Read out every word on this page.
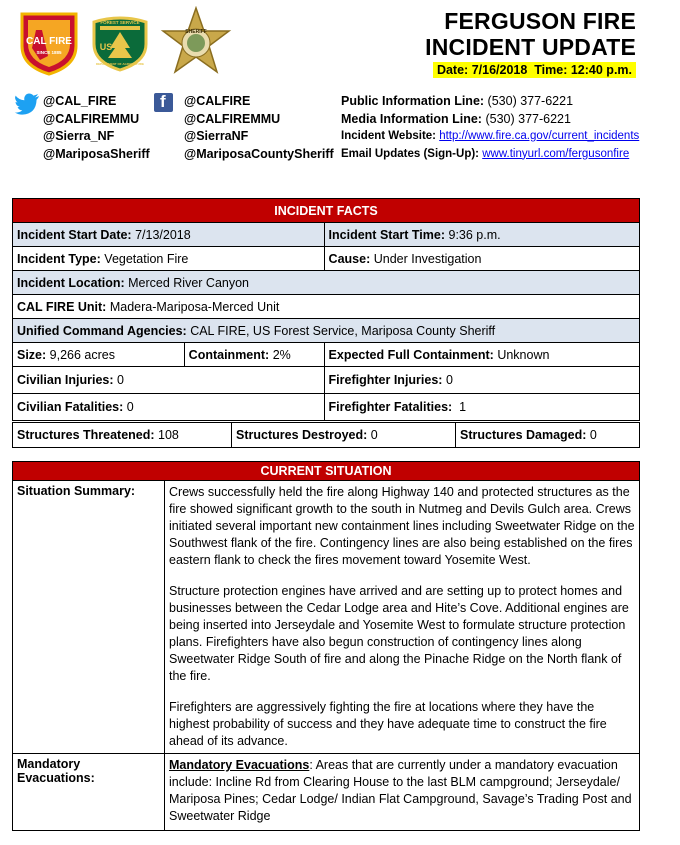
CAL FIRE
SINCE 1885
FOREST SERVICE
US
DEPARTMENT OF AGRICULTURE
SHERIFF	FERGUSON FIRE
INCIDENT UPDATE
Date: 7/16/2018 Time: 12:40 p.m.
@CAL_FIRE
@CALFIREMMU
@Sierra_NF
@MariposaSheriff
f @CALFIRE
@CALFIREMMU
@SierraNF
@MariposaCountySheriff
Public Information Line: (530) 377-6221
Media Information Line: (530) 377-6221
Incident Website: http://www.fire.ca.gov/current_incidents
Email Updates (Sign-Up): www.tinyurl.com/fergusonfire
INCIDENT FACTS		
Incident Start Date: 7/13/2018		Incident Start Time: 9:36 p.m.
Incident Type: Vegetation Fire		Cause: Under Investigation
Incident Location: Merced River Canyon		
CAL FIRE Unit: Madera-Mariposa-Merced Unit		
Unified Command Agencies: CAL FIRE, US Forest Service, Mariposa County Sheriff		
Size: 9,266 acres	Containment: 2%	Expected Full Containment: Unknown
Civilian Injuries: 0		Firefighter Injuries: 0
Civilian Fatalities: 0		Firefighter Fatalities: 1
Structures Threatened: 108	Structures Destroyed: 0	Structures Damaged: 0
CURRENT SITUATION	
Situation Summary:	Crews successfully held the fire along Highway 140 and protected structures as the fire showed significant growth to the south in Nutmeg and Devils Gulch area. Crews initiated several important new containment lines including Sweetwater Ridge on the Southwest flank of the fire. Contingency lines are also being established on the fires eastern flank to check the fires movement toward Yosemite West.

Structure protection engines have arrived and are setting up to protect homes and businesses between the Cedar Lodge area and Hite’s Cove. Additional engines are being inserted into Jerseydale and Yosemite West to formulate structure protection plans. Firefighters have also begun construction of contingency lines along Sweetwater Ridge South of fire and along the Pinache Ridge on the North flank of the fire.

Firefighters are aggressively fighting the fire at locations where they have the highest probability of success and they have adequate time to construct the fire ahead of its advance.

Mandatory Evacuations:	Mandatory Evacuations: Areas that are currently under a mandatory evacuation include: Incline Rd from Clearing House to the last BLM campground; Jerseydale/ Mariposa Pines; Cedar Lodge/ Indian Flat Campground, Savage’s Trading Post and Sweetwater Ridge
